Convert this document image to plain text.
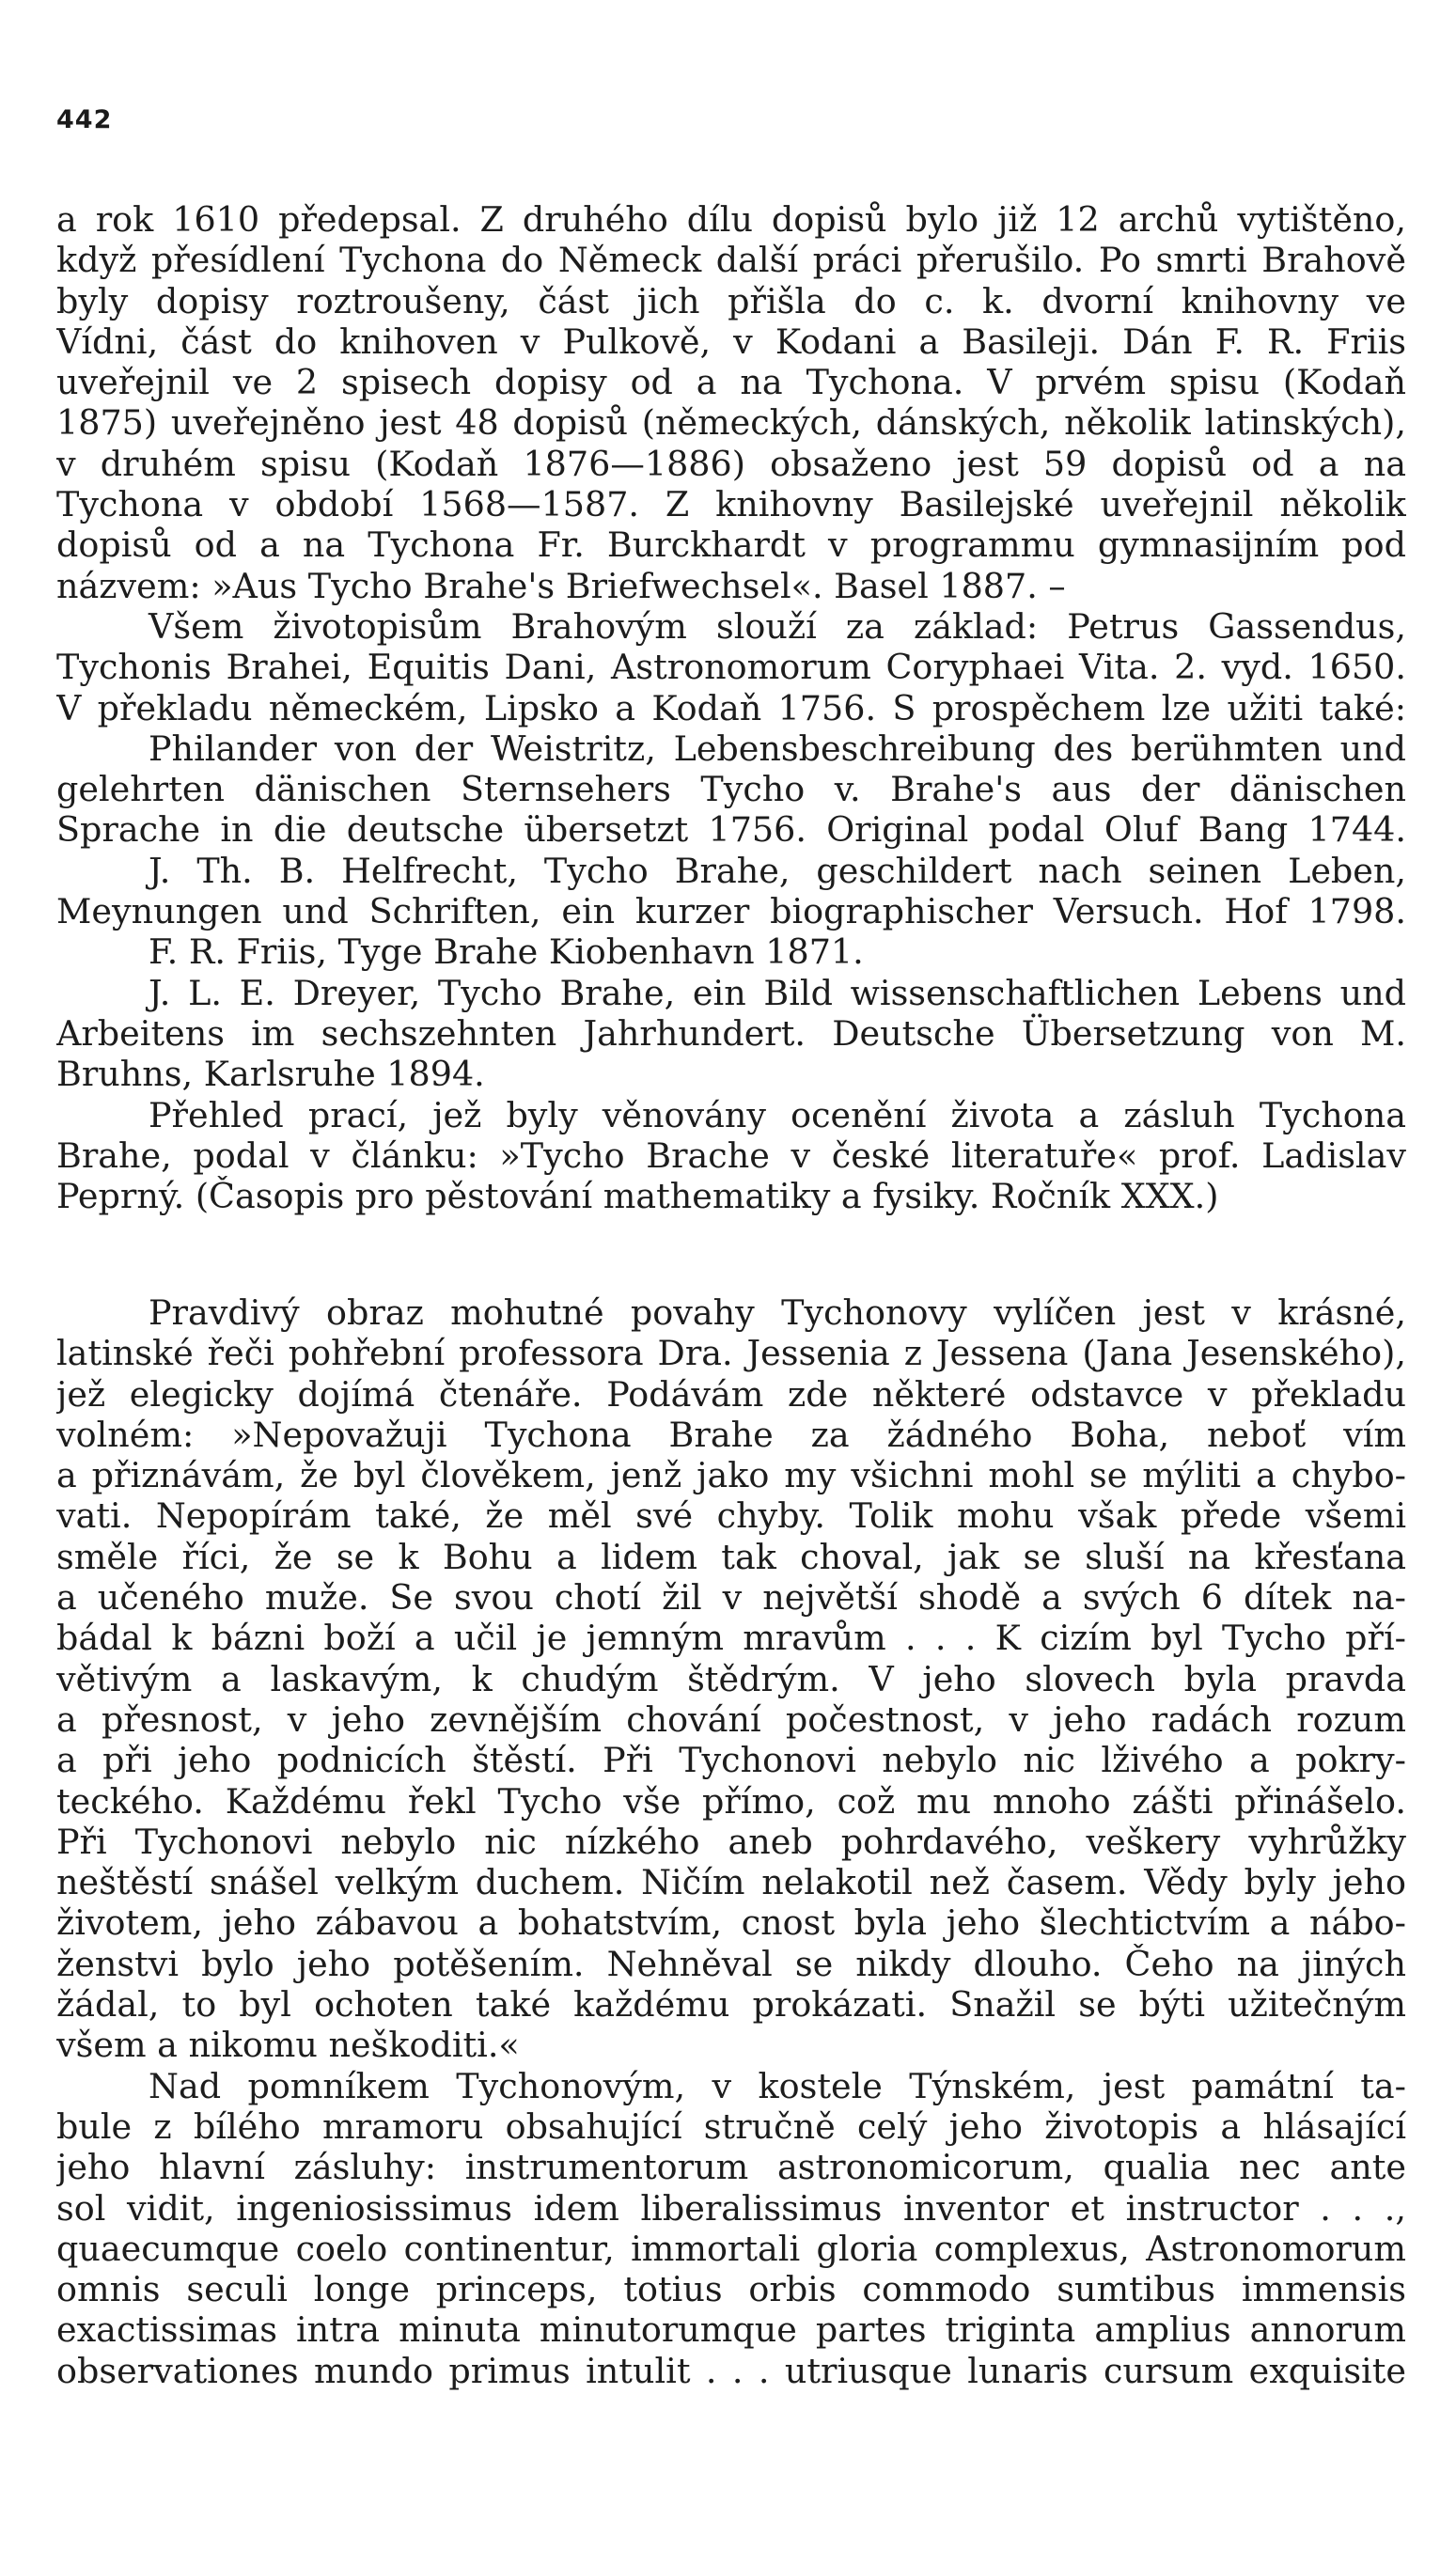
442
a rok 1610 předepsal. Z druhého dílu dopisů bylo již 12 archů vytištěno,
když přesídlení Tychona do Německ další práci přerušilo. Po smrti Brahově
byly dopisy roztroušeny, část jich přišla do c. k. dvorní knihovny ve
Vídni, část do knihoven v Pulkově, v Kodani a Basileji. Dán F. R. Friis
uveřejnil ve 2 spisech dopisy od a na Tychona. V prvém spisu (Kodaň
1875) uveřejněno jest 48 dopisů (německých, dánských, několik latinských),
v druhém spisu (Kodaň 1876—1886) obsaženo jest 59 dopisů od a na
Tychona v období 1568—1587. Z knihovny Basilejské uveřejnil několik
dopisů od a na Tychona Fr. Burckhardt v programmu gymnasijním pod
názvem: »Aus Tycho Brahe's Briefwechsel«. Basel 1887. –
Všem životopisům Brahovým slouží za základ: Petrus Gassendus,
Tychonis Brahei, Equitis Dani, Astronomorum Coryphaei Vita. 2. vyd. 1650.
V překladu německém, Lipsko a Kodaň 1756. S prospěchem lze užiti také:
Philander von der Weistritz, Lebensbeschreibung des berühmten und
gelehrten dänischen Sternsehers Tycho v. Brahe's aus der dänischen
Sprache in die deutsche übersetzt 1756. Original podal Oluf Bang 1744.
J. Th. B. Helfrecht, Tycho Brahe, geschildert nach seinen Leben,
Meynungen und Schriften, ein kurzer biographischer Versuch. Hof 1798.
F. R. Friis, Tyge Brahe Kiobenhavn 1871.
J. L. E. Dreyer, Tycho Brahe, ein Bild wissenschaftlichen Lebens und
Arbeitens im sechszehnten Jahrhundert. Deutsche Übersetzung von M.
Bruhns, Karlsruhe 1894.
Přehled prací, jež byly věnovány ocenění života a zásluh Tychona
Brahe, podal v článku: »Tycho Brache v české literatuře« prof. Ladislav
Peprný. (Časopis pro pěstování mathematiky a fysiky. Ročník XXX.)
Pravdivý obraz mohutné povahy Tychonovy vylíčen jest v krásné,
latinské řeči pohřební professora Dra. Jessenia z Jessena (Jana Jesenského),
jež elegicky dojímá čtenáře. Podávám zde některé odstavce v překladu
volném: »Nepovažuji Tychona Brahe za žádného Boha, neboť vím
a přiznávám, že byl člověkem, jenž jako my všichni mohl se mýliti a chybo-
vati. Nepopírám také, že měl své chyby. Tolik mohu však přede všemi
směle říci, že se k Bohu a lidem tak choval, jak se sluší na křesťana
a učeného muže. Se svou chotí žil v největší shodě a svých 6 dítek na-
bádal k bázni boží a učil je jemným mravům . . . K cizím byl Tycho pří-
větivým a laskavým, k chudým štědrým. V jeho slovech byla pravda
a přesnost, v jeho zevnějším chování počestnost, v jeho radách rozum
a při jeho podnicích štěstí. Při Tychonovi nebylo nic lživého a pokry-
teckého. Každému řekl Tycho vše přímo, což mu mnoho zášti přinášelo.
Při Tychonovi nebylo nic nízkého aneb pohrdavého, veškery vyhrůžky
neštěstí snášel velkým duchem. Ničím nelakotil než časem. Vědy byly jeho
životem, jeho zábavou a bohatstvím, cnost byla jeho šlechtictvím a nábo-
ženstvi bylo jeho potěšením. Nehněval se nikdy dlouho. Čeho na jiných
žádal, to byl ochoten také každému prokázati. Snažil se býti užitečným
všem a nikomu neškoditi.«
Nad pomníkem Tychonovým, v kostele Týnském, jest památní ta-
bule z bílého mramoru obsahující stručně celý jeho životopis a hlásající
jeho hlavní zásluhy: instrumentorum astronomicorum, qualia nec ante
sol vidit, ingeniosissimus idem liberalissimus inventor et instructor . . .,
quaecumque coelo continentur, immortali gloria complexus, Astronomorum
omnis seculi longe princeps, totius orbis commodo sumtibus immensis
exactissimas intra minuta minutorumque partes triginta amplius annorum
observationes mundo primus intulit . . . utriusque lunaris cursum exquisite
